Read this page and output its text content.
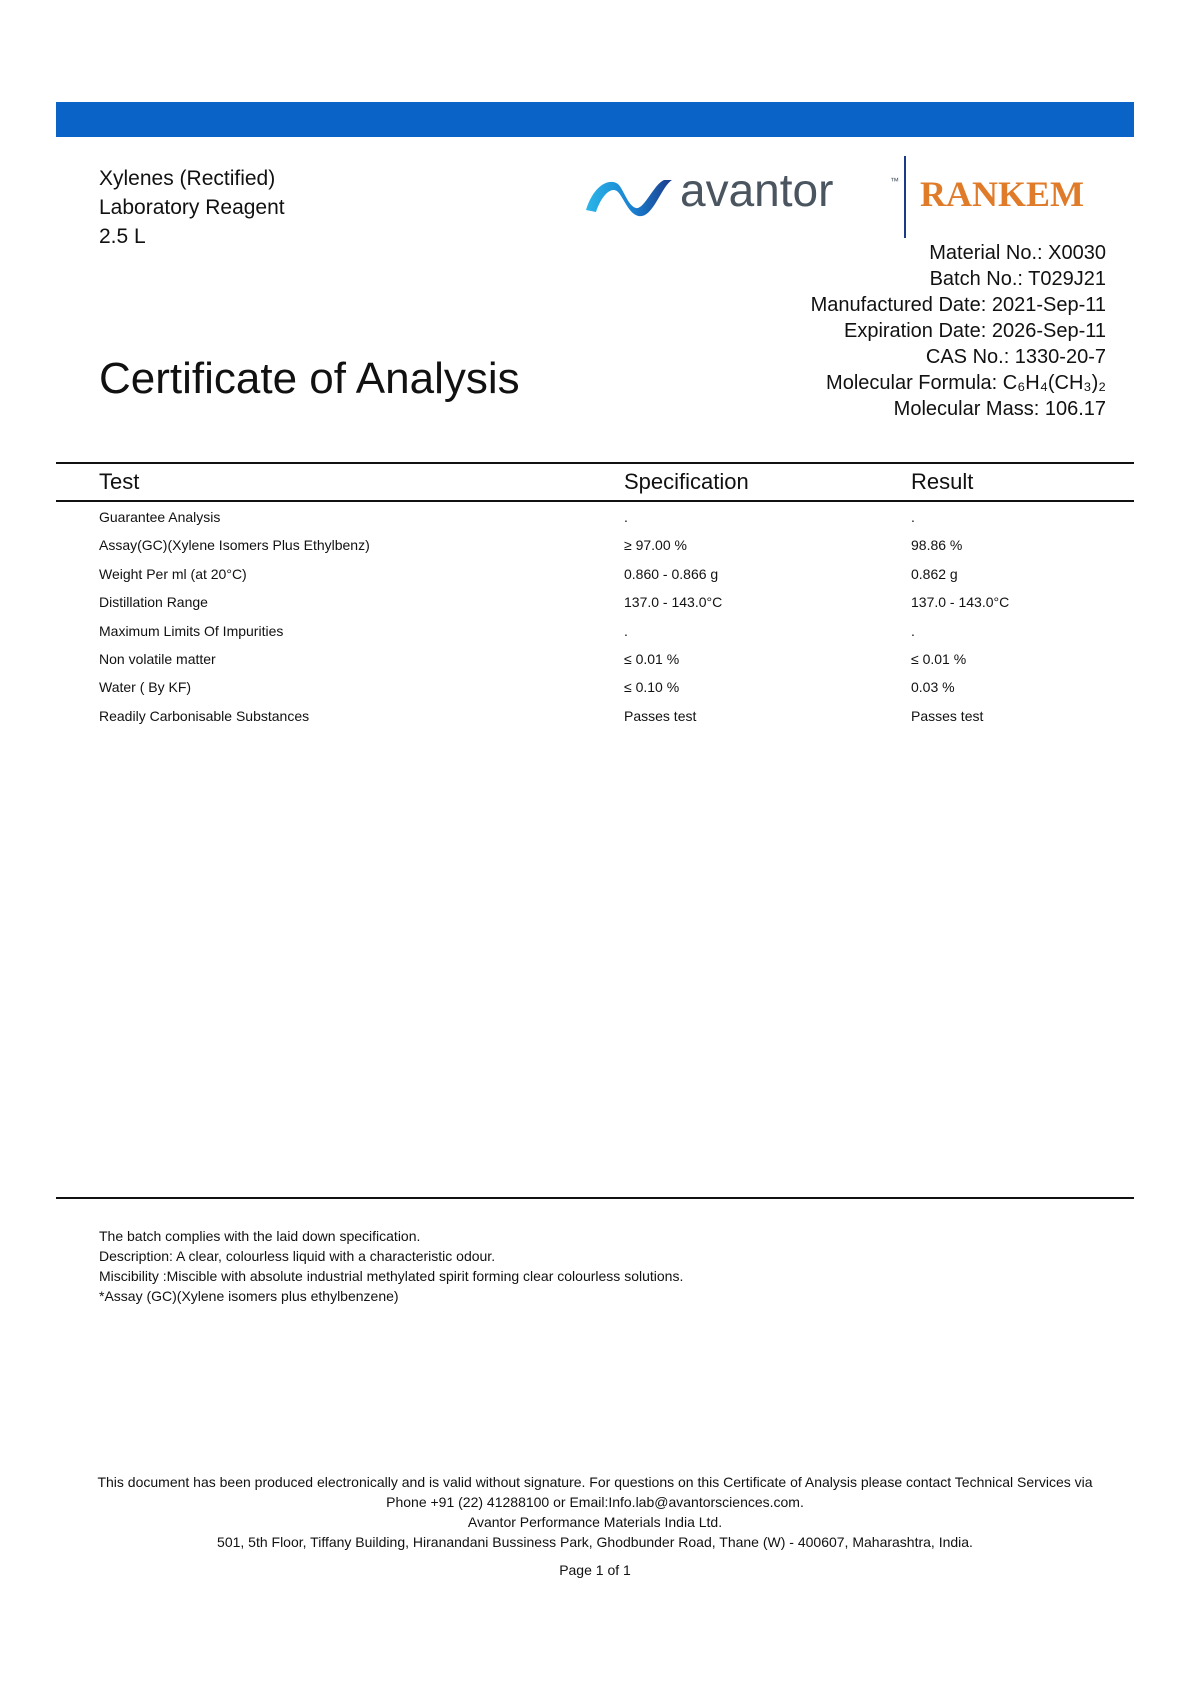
Xylenes (Rectified)
Laboratory Reagent
2.5 L
avantor	™ RANKEM
Material No.: X0030
Batch No.: T029J21
Manufactured Date: 2021-Sep-11
Expiration Date: 2026-Sep-11
CAS No.: 1330-20-7
Molecular Formula: C₆H₄(CH₃)₂
Molecular Mass: 106.17
Certificate of Analysis
Test	Specification	Result
Guarantee Analysis	.	.
Assay(GC)(Xylene Isomers Plus Ethylbenz)	≥ 97.00 %	98.86 %
Weight Per ml (at 20°C)	0.860 - 0.866 g	0.862 g
Distillation Range	137.0 - 143.0°C	137.0 - 143.0°C
Maximum Limits Of Impurities	.	.
Non volatile matter	≤ 0.01 %	≤ 0.01 %
Water ( By KF)	≤ 0.10 %	0.03 %
Readily Carbonisable Substances	Passes test	Passes test
The batch complies with the laid down specification.
Description: A clear, colourless liquid with a characteristic odour.
Miscibility :Miscible with absolute industrial methylated spirit forming clear colourless solutions.
*Assay (GC)(Xylene isomers plus ethylbenzene)
This document has been produced electronically and is valid without signature. For questions on this Certificate of Analysis please contact Technical Services via
Phone +91 (22) 41288100 or Email:Info.lab@avantorsciences.com.
Avantor Performance Materials India Ltd.
501, 5th Floor, Tiffany Building, Hiranandani Bussiness Park, Ghodbunder Road, Thane (W) - 400607, Maharashtra, India.
Page 1 of 1
